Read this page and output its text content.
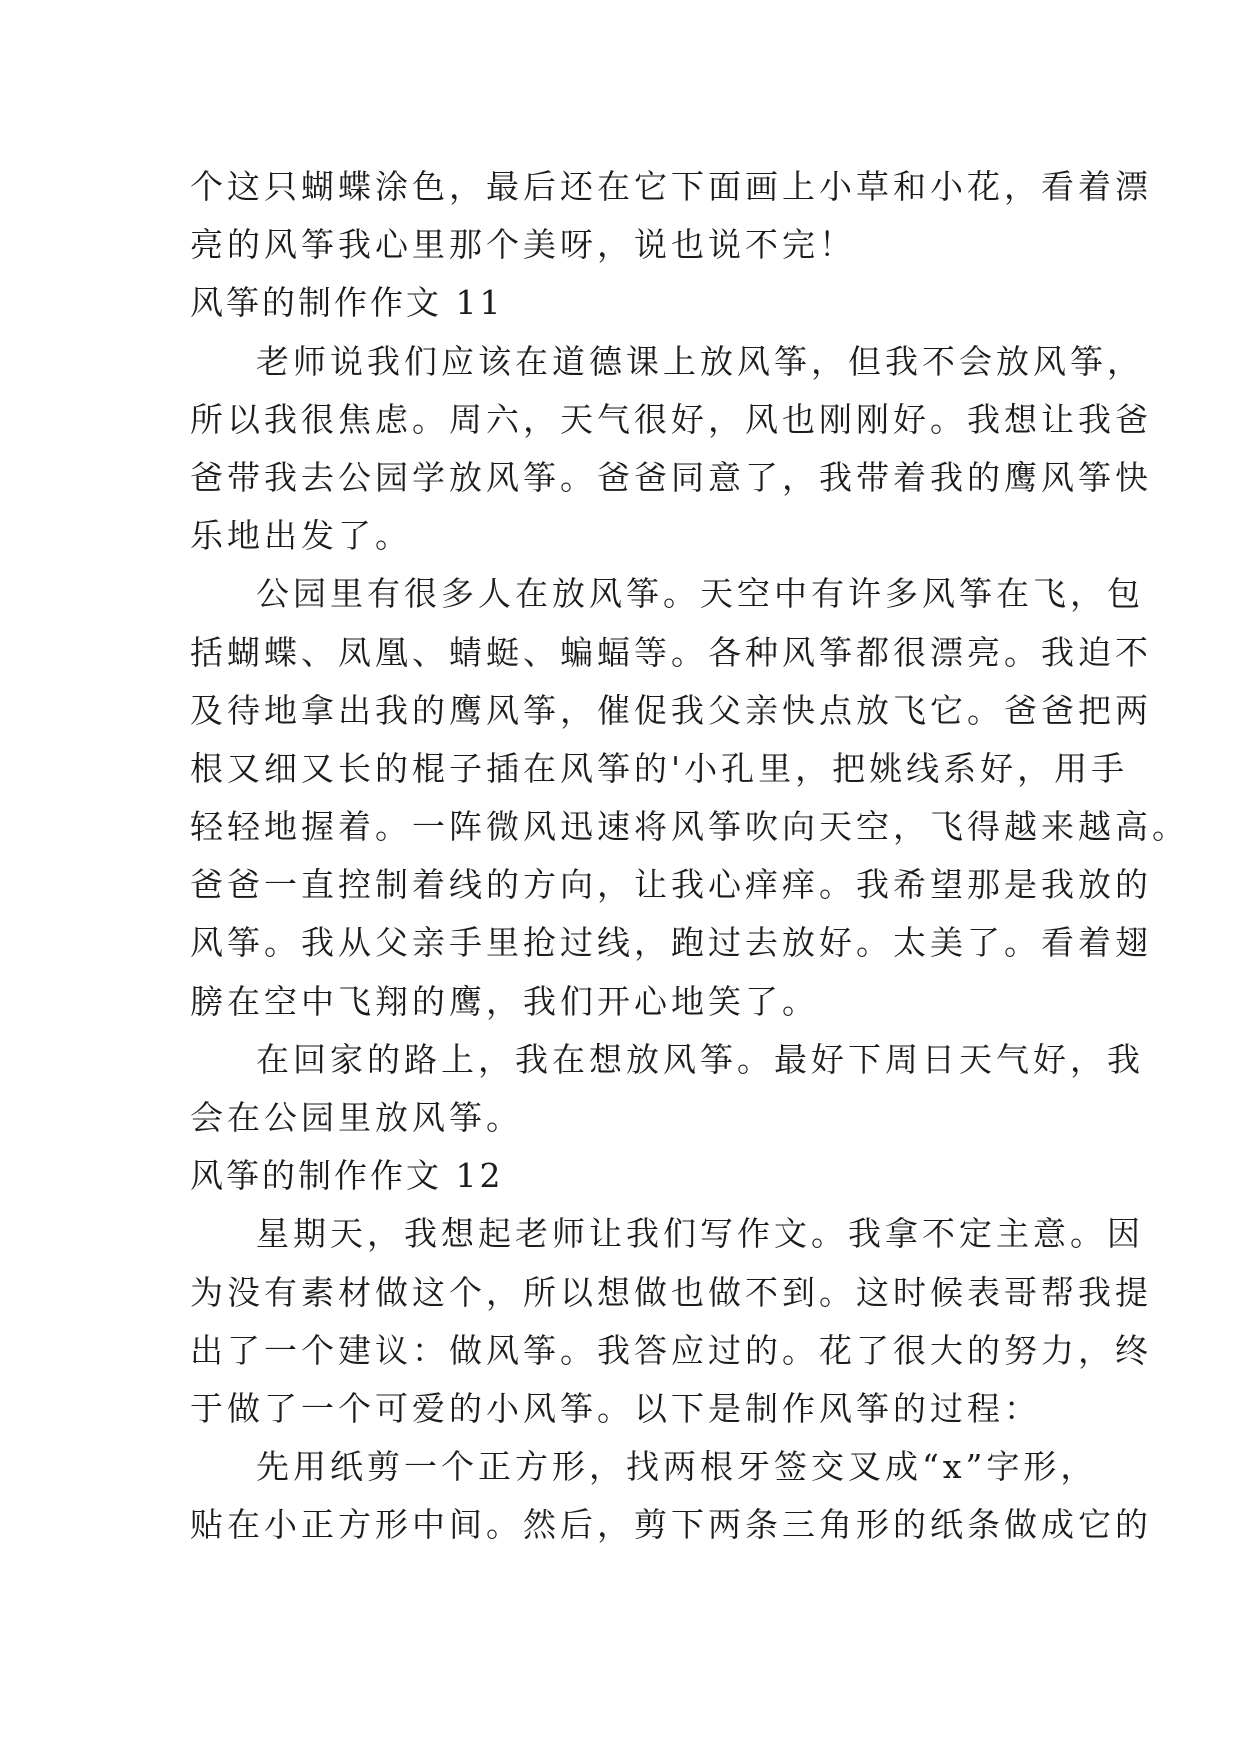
个这只蝴蝶涂色，最后还在它下面画上小草和小花，看着漂
亮的风筝我心里那个美呀，说也说不完！
风筝的制作作文 11
老师说我们应该在道德课上放风筝，但我不会放风筝，
所以我很焦虑。周六，天气很好，风也刚刚好。我想让我爸
爸带我去公园学放风筝。爸爸同意了，我带着我的鹰风筝快
乐地出发了。
公园里有很多人在放风筝。天空中有许多风筝在飞，包
括蝴蝶、凤凰、蜻蜓、蝙蝠等。各种风筝都很漂亮。我迫不
及待地拿出我的鹰风筝，催促我父亲快点放飞它。爸爸把两
根又细又长的棍子插在风筝的'小孔里，把姚线系好，用手
轻轻地握着。一阵微风迅速将风筝吹向天空，飞得越来越高。
爸爸一直控制着线的方向，让我心痒痒。我希望那是我放的
风筝。我从父亲手里抢过线，跑过去放好。太美了。看着翅
膀在空中飞翔的鹰，我们开心地笑了。
在回家的路上，我在想放风筝。最好下周日天气好，我
会在公园里放风筝。
风筝的制作作文 12
星期天，我想起老师让我们写作文。我拿不定主意。因
为没有素材做这个，所以想做也做不到。这时候表哥帮我提
出了一个建议：做风筝。我答应过的。花了很大的努力，终
于做了一个可爱的小风筝。以下是制作风筝的过程：
先用纸剪一个正方形，找两根牙签交叉成“x”字形，
贴在小正方形中间。然后，剪下两条三角形的纸条做成它的
